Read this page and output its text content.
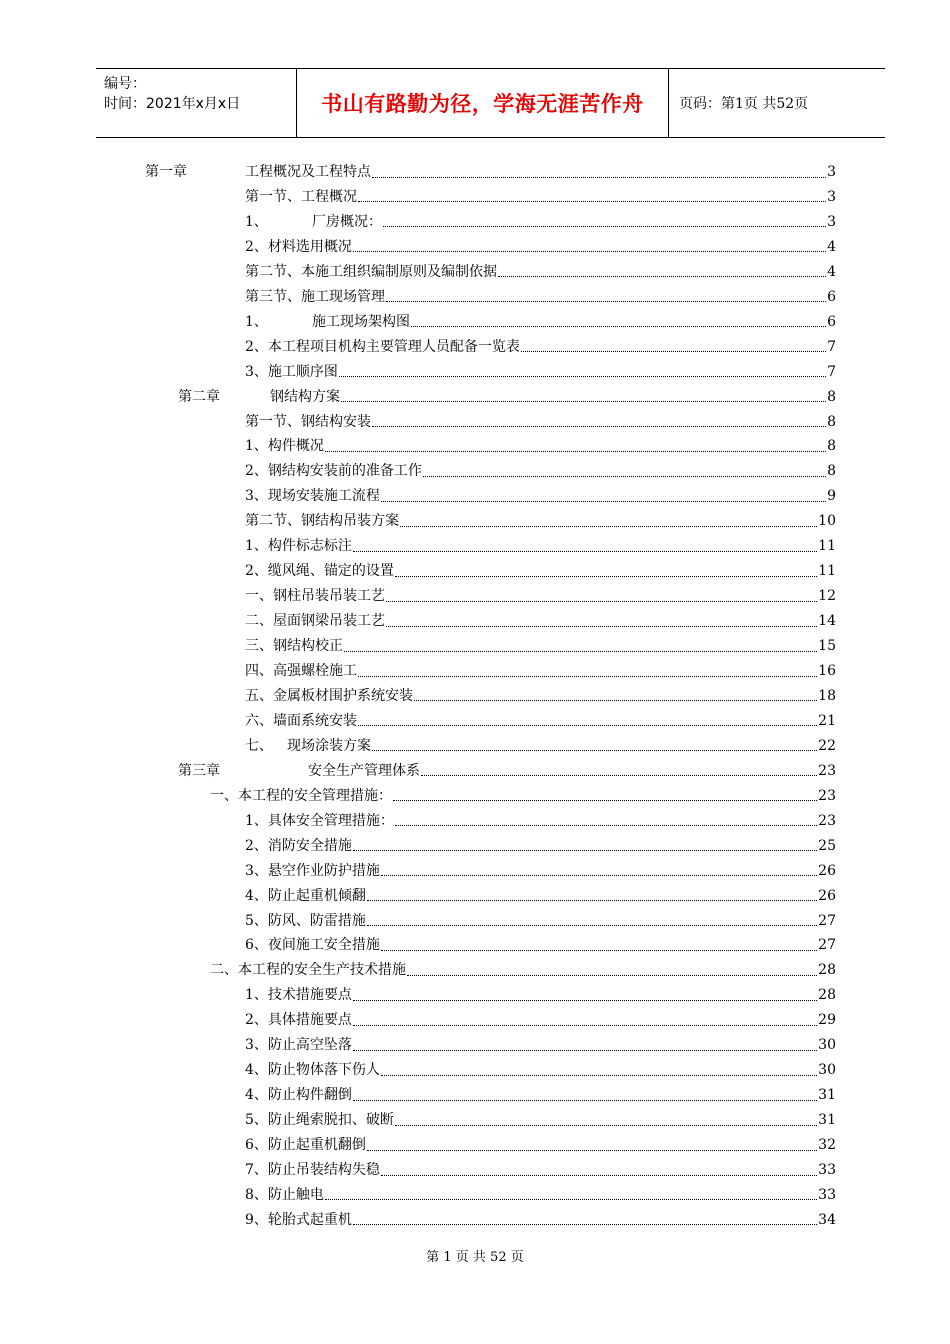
编号：
时间：2021年x月x日	书山有路勤为径，学海无涯苦作舟	页码：第1页 共52页
第一章	工程概况及工程特点	3
第一节、工程概况	3
1、	厂房概况：	3
2、材料选用概况	4
第二节、本施工组织编制原则及编制依据	4
第三节、施工现场管理	6
1、	施工现场架构图	6
2、本工程项目机构主要管理人员配备一览表	7
3、施工顺序图	7
第二章	钢结构方案	8
第一节、钢结构安装	8
1、构件概况	8
2、钢结构安装前的准备工作	8
3、现场安装施工流程	9
第二节、钢结构吊装方案	10
1、构件标志标注	11
2、缆风绳、锚定的设置	11
一、钢柱吊装吊装工艺	12
二、屋面钢梁吊装工艺	14
三、钢结构校正	15
四、高强螺栓施工	16
五、金属板材围护系统安装	18
六、墙面系统安装	21
七、	现场涂装方案	22
第三章	安全生产管理体系	23
一、本工程的安全管理措施：	23
1、具体安全管理措施：	23
2、消防安全措施	25
3、悬空作业防护措施	26
4、防止起重机倾翻	26
5、防风、防雷措施	27
6、夜间施工安全措施	27
二、本工程的安全生产技术措施	28
1、技术措施要点	28
2、具体措施要点	29
3、防止高空坠落	30
4、防止物体落下伤人	30
4、防止构件翻倒	31
5、防止绳索脱扣、破断	31
6、防止起重机翻倒	32
7、防止吊装结构失稳	33
8、防止触电	33
9、轮胎式起重机	34
第 1 页 共 52 页
